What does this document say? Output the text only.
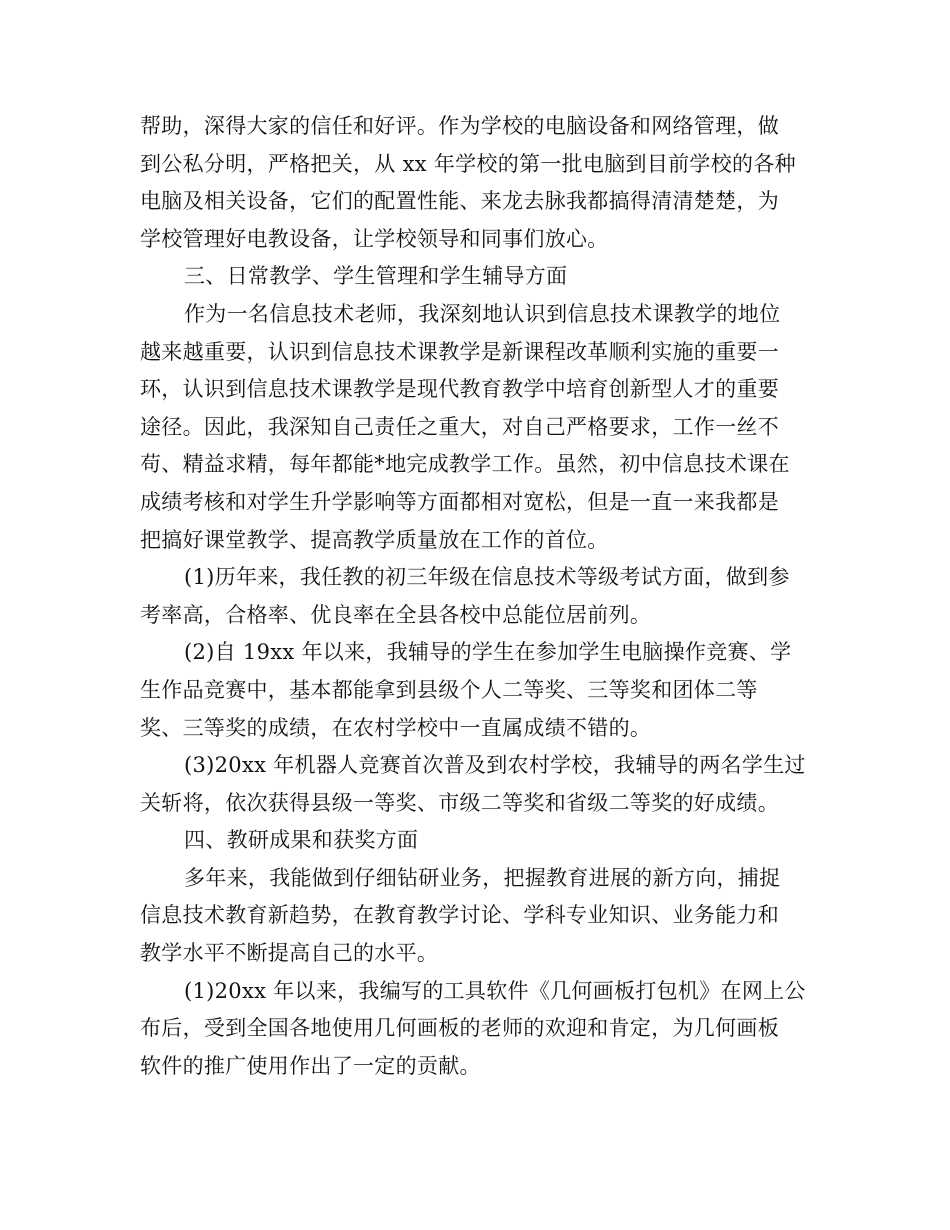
帮助，深得大家的信任和好评。作为学校的电脑设备和网络管理，做
到公私分明，严格把关，从 xx 年学校的第一批电脑到目前学校的各种
电脑及相关设备，它们的配置性能、来龙去脉我都搞得清清楚楚，为
学校管理好电教设备，让学校领导和同事们放心。
三、日常教学、学生管理和学生辅导方面
作为一名信息技术老师，我深刻地认识到信息技术课教学的地位
越来越重要，认识到信息技术课教学是新课程改革顺利实施的重要一
环，认识到信息技术课教学是现代教育教学中培育创新型人才的重要
途径。因此，我深知自己责任之重大，对自己严格要求，工作一丝不
苟、精益求精，每年都能*地完成教学工作。虽然，初中信息技术课在
成绩考核和对学生升学影响等方面都相对宽松，但是一直一来我都是
把搞好课堂教学、提高教学质量放在工作的首位。
(1)历年来，我任教的初三年级在信息技术等级考试方面，做到参
考率高，合格率、优良率在全县各校中总能位居前列。
(2)自 19xx 年以来，我辅导的学生在参加学生电脑操作竞赛、学
生作品竞赛中，基本都能拿到县级个人二等奖、三等奖和团体二等
奖、三等奖的成绩，在农村学校中一直属成绩不错的。
(3)20xx 年机器人竞赛首次普及到农村学校，我辅导的两名学生过
关斩将，依次获得县级一等奖、市级二等奖和省级二等奖的好成绩。
四、教研成果和获奖方面
多年来，我能做到仔细钻研业务，把握教育进展的新方向，捕捉
信息技术教育新趋势，在教育教学讨论、学科专业知识、业务能力和
教学水平不断提高自己的水平。
(1)20xx 年以来，我编写的工具软件《几何画板打包机》在网上公
布后，受到全国各地使用几何画板的老师的欢迎和肯定，为几何画板
软件的推广使用作出了一定的贡献。
